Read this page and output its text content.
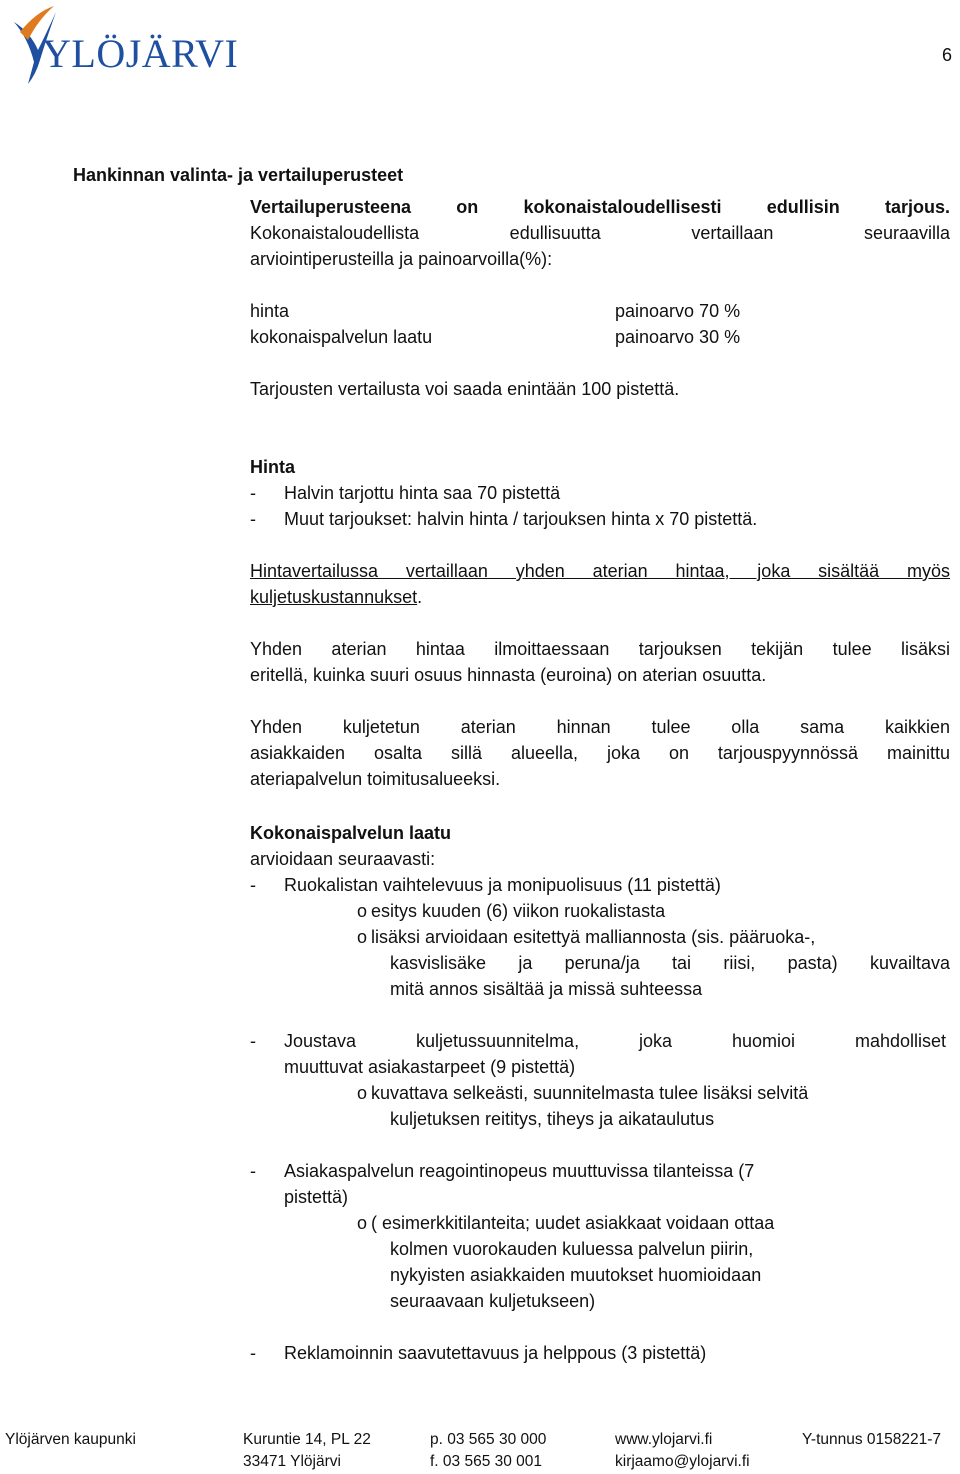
YLÖJÄRVI	6
Hankinnan valinta- ja vertailuperusteet
Vertailuperusteena on kokonaistaloudellisesti edullisin tarjous.
Kokonaistaloudellista edullisuutta vertaillaan seuraavilla
arviointiperusteilla ja painoarvoilla(%):
hinta	painoarvo 70 %
kokonaispalvelun laatu	painoarvo 30 %
Tarjousten vertailusta voi saada enintään 100 pistettä.
Hinta
- Halvin tarjottu hinta saa 70 pistettä
- Muut tarjoukset: halvin hinta / tarjouksen hinta x 70 pistettä.
Hintavertailussa vertaillaan yhden aterian hintaa, joka sisältää myös
kuljetuskustannukset.
Yhden aterian hintaa ilmoittaessaan tarjouksen tekijän tulee lisäksi
eritellä, kuinka suuri osuus hinnasta (euroina) on aterian osuutta.
Yhden kuljetetun aterian hinnan tulee olla sama kaikkien
asiakkaiden osalta sillä alueella, joka on tarjouspyynnössä mainittu
ateriapalvelun toimitusalueeksi.
Kokonaispalvelun laatu
arvioidaan seuraavasti:
- Ruokalistan vaihtelevuus ja monipuolisuus (11 pistettä)
o esitys kuuden (6) viikon ruokalistasta
o lisäksi arvioidaan esitettyä malliannosta (sis. pääruoka-,
kasvislisäke ja peruna/ja tai riisi, pasta) kuvailtava
mitä annos sisältää ja missä suhteessa
- Joustava kuljetussuunnitelma, joka huomioi mahdolliset
muuttuvat asiakastarpeet (9 pistettä)
o kuvattava selkeästi, suunnitelmasta tulee lisäksi selvitä
kuljetuksen reititys, tiheys ja aikataulutus
- Asiakaspalvelun reagointinopeus muuttuvissa tilanteissa (7
pistettä)
o ( esimerkkitilanteita; uudet asiakkaat voidaan ottaa
kolmen vuorokauden kuluessa palvelun piirin,
nykyisten asiakkaiden muutokset huomioidaan
seuraavaan kuljetukseen)
- Reklamoinnin saavutettavuus ja helppous (3 pistettä)
Ylöjärven kaupunki	Kuruntie 14, PL 22
33471 Ylöjärvi
p. 03 565 30 000
f. 03 565 30 001
www.ylojarvi.fi
kirjaamo@ylojarvi.fi
Y-tunnus 0158221-7
